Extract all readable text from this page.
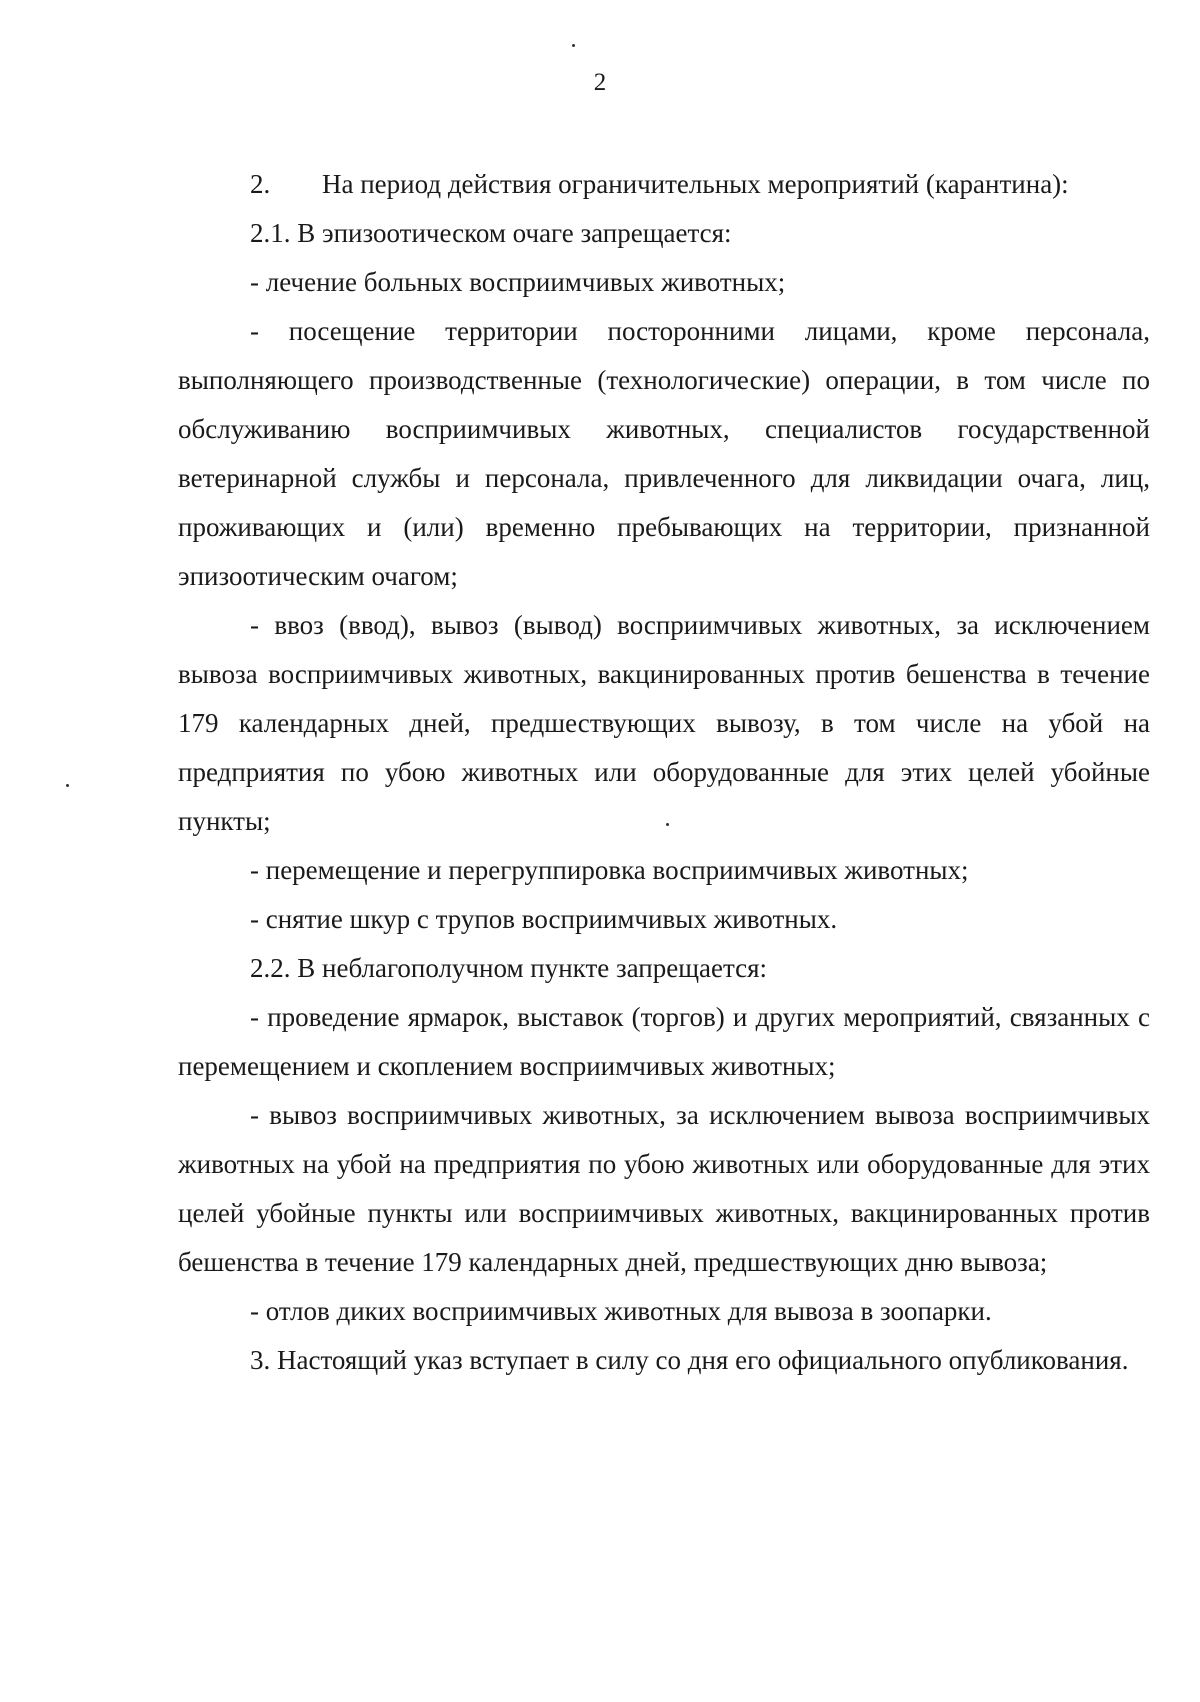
2

2. На период действия ограничительных мероприятий (карантина):

2.1. В эпизоотическом очаге запрещается:

- лечение больных восприимчивых животных;

- посещение территории посторонними лицами, кроме персонала, выполняющего производственные (технологические) операции, в том числе по обслуживанию восприимчивых животных, специалистов государственной ветеринарной службы и персонала, привлеченного для ликвидации очага, лиц, проживающих и (или) временно пребывающих на территории, признанной эпизоотическим очагом;

- ввоз (ввод), вывоз (вывод) восприимчивых животных, за исключением вывоза восприимчивых животных, вакцинированных против бешенства в течение 179 календарных дней, предшествующих вывозу, в том числе на убой на предприятия по убою животных или оборудованные для этих целей убойные пункты;

- перемещение и перегруппировка восприимчивых животных;

- снятие шкур с трупов восприимчивых животных.

2.2. В неблагополучном пункте запрещается:

- проведение ярмарок, выставок (торгов) и других мероприятий, связанных с перемещением и скоплением восприимчивых животных;

- вывоз восприимчивых животных, за исключением вывоза восприимчивых животных на убой на предприятия по убою животных или оборудованные для этих целей убойные пункты или восприимчивых животных, вакцинированных против бешенства в течение 179 календарных дней, предшествующих дню вывоза;

- отлов диких восприимчивых животных для вывоза в зоопарки.

3. Настоящий указ вступает в силу со дня его официального опубликования.
